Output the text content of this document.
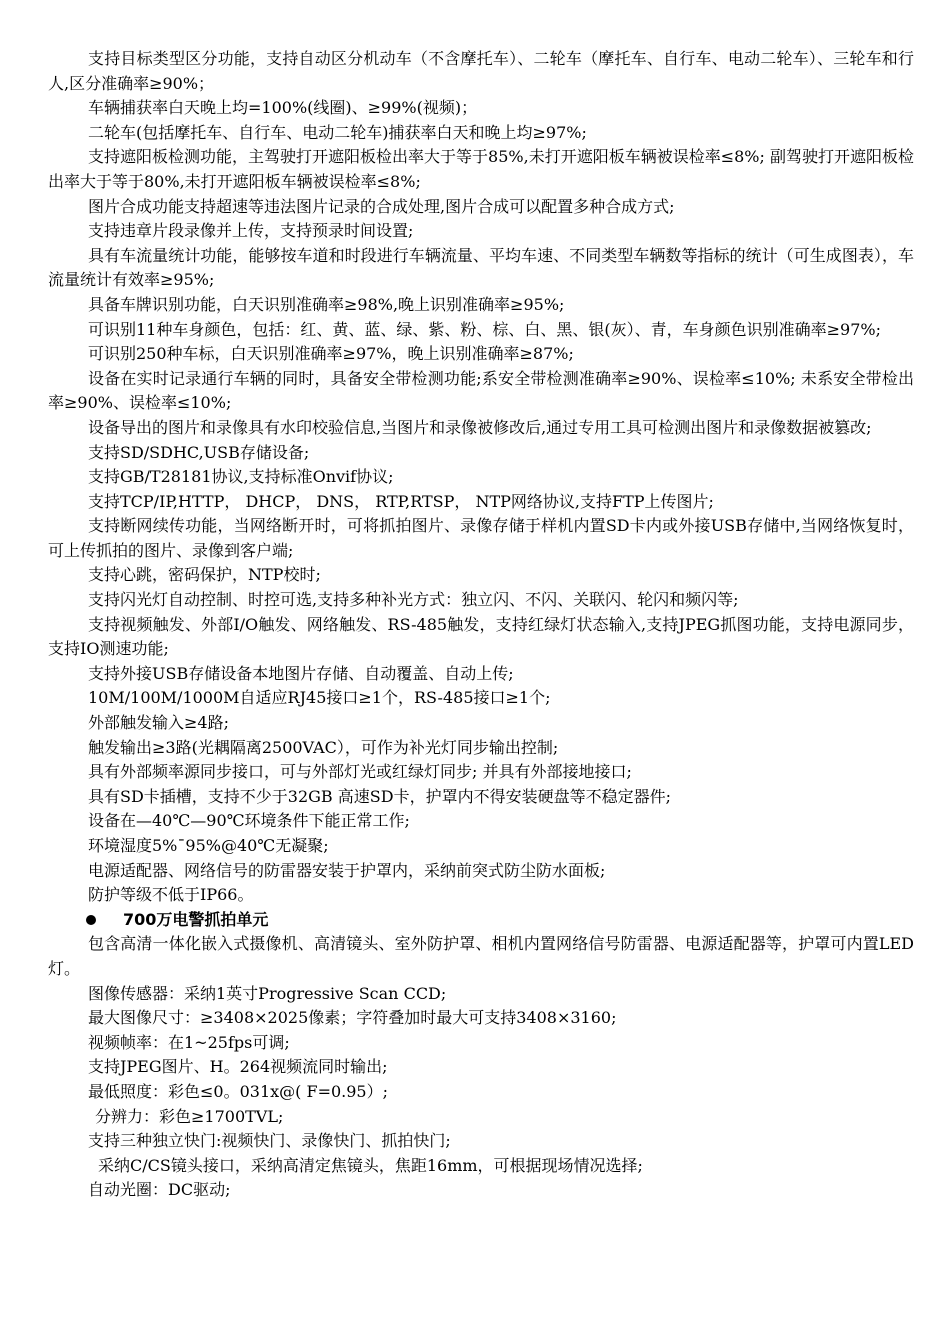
支持目标类型区分功能，支持自动区分机动车（不含摩托车）、二轮车（摩托车、自行车、电动二轮车）、三轮车和行人,区分准确率≥90%；

车辆捕获率白天晚上均=100%(线圈)、≥99%(视频)；

二轮车(包括摩托车、自行车、电动二轮车)捕获率白天和晚上均≥97%;

支持遮阳板检测功能，主驾驶打开遮阳板检出率大于等于85%,未打开遮阳板车辆被误检率≤8%; 副驾驶打开遮阳板检出率大于等于80%,未打开遮阳板车辆被误检率≤8%;

图片合成功能支持超速等违法图片记录的合成处理,图片合成可以配置多种合成方式;

支持违章片段录像并上传，支持预录时间设置;

具有车流量统计功能，能够按车道和时段进行车辆流量、平均车速、不同类型车辆数等指标的统计（可生成图表），车流量统计有效率≥95%;

具备车牌识别功能，白天识别准确率≥98%,晚上识别准确率≥95%;

可识别11种车身颜色，包括：红、黄、蓝、绿、紫、粉、棕、白、黑、银(灰）、青，车身颜色识别准确率≥97%;

可识别250种车标，白天识别准确率≥97%，晚上识别准确率≥87%;

设备在实时记录通行车辆的同时，具备安全带检测功能;系安全带检测准确率≥90%、误检率≤10%; 未系安全带检出率≥90%、误检率≤10%;

设备导出的图片和录像具有水印校验信息,当图片和录像被修改后,通过专用工具可检测出图片和录像数据被篡改;

支持SD/SDHC,USB存储设备;

支持GB/T28181协议,支持标准Onvif协议;

支持TCP/IP,HTTP， DHCP， DNS， RTP,RTSP， NTP网络协议,支持FTP上传图片;

支持断网续传功能，当网络断开时，可将抓拍图片、录像存储于样机内置SD卡内或外接USB存储中,当网络恢复时，可上传抓拍的图片、录像到客户端;

支持心跳，密码保护，NTP校时;

支持闪光灯自动控制、时控可选,支持多种补光方式：独立闪、不闪、关联闪、轮闪和频闪等;

支持视频触发、外部I/O触发、网络触发、RS-485触发，支持红绿灯状态输入,支持JPEG抓图功能，支持电源同步，支持IO测速功能;

支持外接USB存储设备本地图片存储、自动覆盖、自动上传;

10M/100M/1000M自适应RJ45接口≥1个，RS-485接口≥1个;

外部触发输入≥4路;

触发输出≥3路(光耦隔离2500VAC），可作为补光灯同步输出控制;

具有外部频率源同步接口，可与外部灯光或红绿灯同步; 并具有外部接地接口;

具有SD卡插槽，支持不少于32GB 高速SD卡，护罩内不得安装硬盘等不稳定器件;

设备在—40℃—90℃环境条件下能正常工作;

环境湿度5%¯95%@40℃无凝聚;

电源适配器、网络信号的防雷器安装于护罩内，采纳前突式防尘防水面板;

防护等级不低于IP66。

700万电警抓拍单元

包含高清一体化嵌入式摄像机、高清镜头、室外防护罩、相机内置网络信号防雷器、电源适配器等，护罩可内置LED灯。

图像传感器：采纳1英寸Progressive Scan CCD;

最大图像尺寸：≥3408×2025像素；字符叠加时最大可支持3408×3160;

视频帧率：在1~25fps可调;

支持JPEG图片、H。264视频流同时输出;

最低照度：彩色≤0。031x@( F=0.95）;

分辨力：彩色≥1700TVL;

支持三种独立快门:视频快门、录像快门、抓拍快门;

采纳C/CS镜头接口，采纳高清定焦镜头，焦距16mm，可根据现场情况选择;

自动光圈：DC驱动;
